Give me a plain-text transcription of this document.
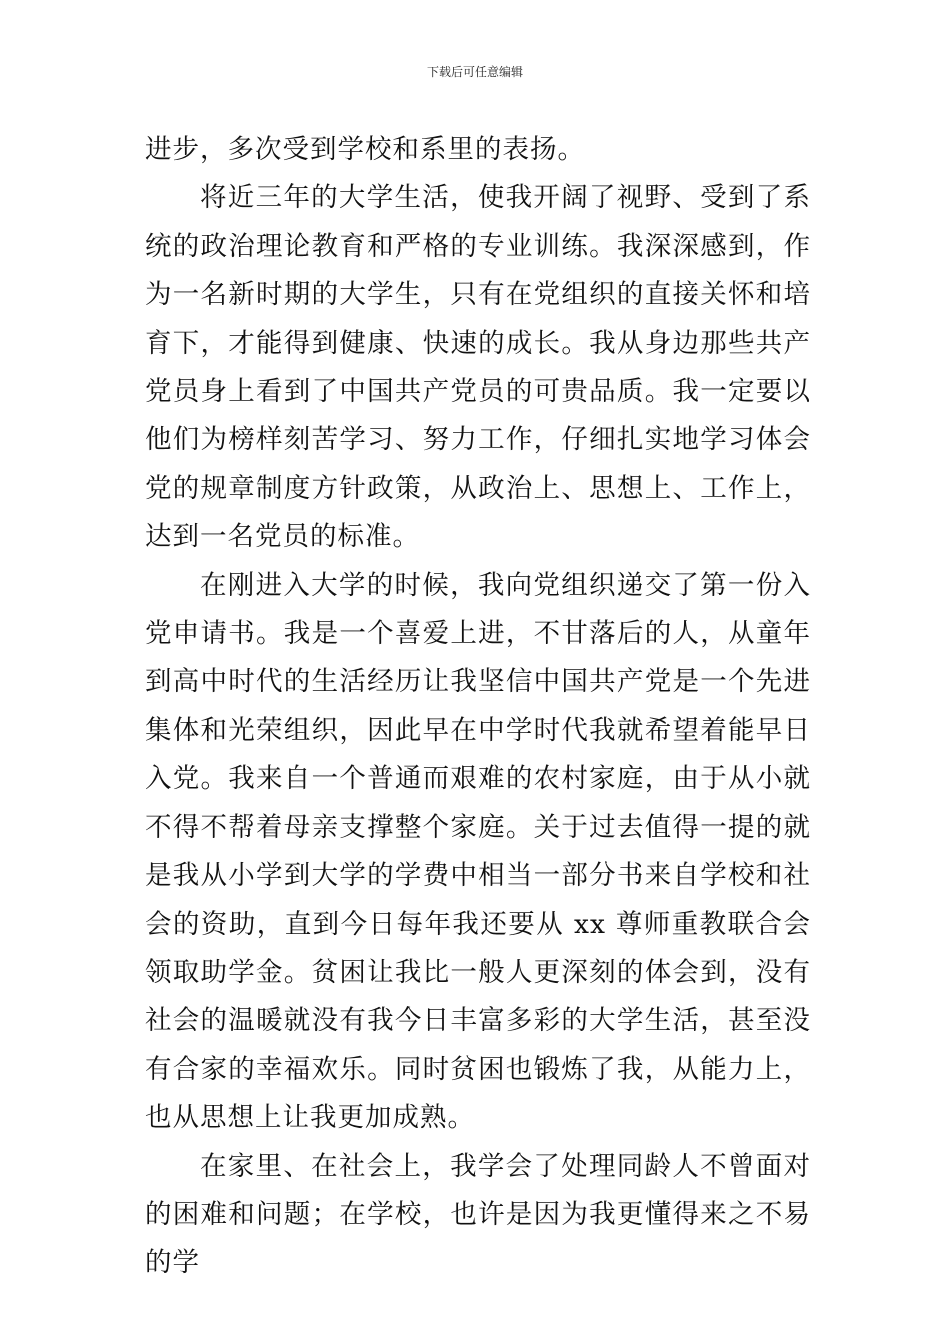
下载后可任意编辑

进步，多次受到学校和系里的表扬。

将近三年的大学生活，使我开阔了视野、受到了系统的政治理论教育和严格的专业训练。我深深感到，作为一名新时期的大学生，只有在党组织的直接关怀和培育下，才能得到健康、快速的成长。我从身边那些共产党员身上看到了中国共产党员的可贵品质。我一定要以他们为榜样刻苦学习、努力工作，仔细扎实地学习体会党的规章制度方针政策，从政治上、思想上、工作上，达到一名党员的标准。

在刚进入大学的时候，我向党组织递交了第一份入党申请书。我是一个喜爱上进，不甘落后的人，从童年到高中时代的生活经历让我坚信中国共产党是一个先进集体和光荣组织，因此早在中学时代我就希望着能早日入党。我来自一个普通而艰难的农村家庭，由于从小就不得不帮着母亲支撑整个家庭。关于过去值得一提的就是我从小学到大学的学费中相当一部分书来自学校和社会的资助，直到今日每年我还要从 xx 尊师重教联合会领取助学金。贫困让我比一般人更深刻的体会到，没有社会的温暖就没有我今日丰富多彩的大学生活，甚至没有合家的幸福欢乐。同时贫困也锻炼了我，从能力上，也从思想上让我更加成熟。

在家里、在社会上，我学会了处理同龄人不曾面对的困难和问题；在学校，也许是因为我更懂得来之不易的学
